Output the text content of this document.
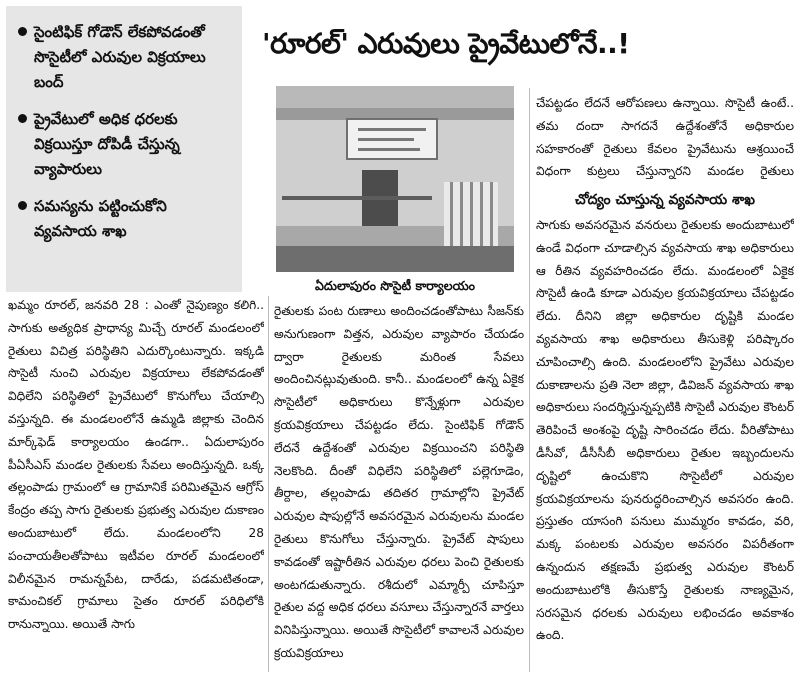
సైంటిఫిక్ గోడౌన్ లేకపోవడంతో సొసైటీలో ఎరువుల విక్రయాలు బంద్

ప్రైవేటులో అధిక ధరలకు విక్రయిస్తూ దోపిడీ చేస్తున్న వ్యాపారులు

సమస్యను పట్టించుకోని వ్యవసాయ శాఖ

'రూరల్' ఎరువులు ప్రైవేటులోనే..!

ఏదులాపురం సొసైటీ కార్యాలయం

ఖమ్మం రూరల్, జనవరి 28 : ఎంతో నైపుణ్యం కలిగి.. సాగుకు అత్యధిక ప్రాధాన్య మిచ్చే రూరల్ మండలంలో రైతులు విచిత్ర పరిస్థితిని ఎదుర్కొంటున్నారు. ఇక్కడి సొసైటీ నుంచి ఎరువుల విక్రయాలు లేకపోవడంతో విధిలేని పరిస్థితిలో ప్రైవేటులో కొనుగోలు చేయాల్సి వస్తున్నది. ఈ మండలంలోనే ఉమ్మడి జిల్లాకు చెందిన మార్క్‌ఫెడ్ కార్యాలయం ఉండగా.. ఏదులాపురం పీఏసీఎస్ మండల రైతులకు సేవలు అందిస్తున్నది. ఒక్క తల్లంపాడు గ్రామంలో ఆ గ్రామానికే పరిమితమైన ఆగ్రోస్ కేంద్రం తప్ప సాగు రైతులకు ప్రభుత్వ ఎరువుల దుకాణం అందుబాటులో లేదు. మండలంలోని 28 పంచాయతీలతోపాటు ఇటీవల రూరల్ మండలంలో విలీనమైన రామన్నపేట, దారేడు, పడమటితండా, కామంచికల్ గ్రామాలు సైతం రూరల్ పరిధిలోకి రానున్నాయి. అయితే సాగు

రైతులకు పంట రుణాలు అందించడంతోపాటు సీజన్‌కు అనుగుణంగా విత్తన, ఎరువుల వ్యాపారం చేయడం ద్వారా రైతులకు మరింత సేవలు అందించినట్లువుతుంది. కానీ.. మండలంలో ఉన్న ఏకైక సొసైటీలో అధికారులు కొన్నేళ్లుగా ఎరువుల క్రయవిక్రయాలు చేపట్టడం లేదు. సైంటిఫిక్ గోడౌన్ లేదనే ఉద్దేశంతో ఎరువుల విక్రయించని పరిస్థితి నెలకొంది. దీంతో విధిలేని పరిస్థితిలో పల్లెగూడెం, తీర్దాల, తల్లంపాడు తదితర గ్రామాల్లోని ప్రైవేట్ ఎరువుల షాపుల్లోనే అవసరమైన ఎరువులను మండల రైతులు కొనుగోలు చేస్తున్నారు. ప్రైవేట్ షాపులు కావడంతో ఇష్టారీతిన ఎరువుల ధరలు పెంచి రైతులకు అంటగడుతున్నారు. రశీదులో ఎమ్మార్పీ చూపిస్తూ రైతుల వద్ద అధిక ధరలు వసూలు చేస్తున్నారనే వార్తలు వినిపిస్తున్నాయి. అయితే సొసైటీలో కావాలనే ఎరువుల క్రయవిక్రయాలు

చేపట్టడం లేదనే ఆరోపణలు ఉన్నాయి. సొసైటీ ఉంటే.. తమ దందా సాగదనే ఉద్దేశంతోనే అధికారుల సహకారంతో రైతులు కేవలం ప్రైవేటును ఆశ్రయించే విధంగా కుట్రలు చేస్తున్నారని మండల రైతులు

చోద్యం చూస్తున్న వ్యవసాయ శాఖ

సాగుకు అవసరమైన వనరులు రైతులకు అందుబాటులో ఉండే విధంగా చూడాల్సిన వ్యవసాయ శాఖ అధికారులు ఆ రీతిన వ్యవహరించడం లేదు. మండలంలో ఏకైక సొసైటీ ఉండి కూడా ఎరువుల క్రయవిక్రయాలు చేపట్టడం లేదు. దీనిని జిల్లా అధికారుల దృష్టికి మండల వ్యవసాయ శాఖ అధికారులు తీసుకెళ్లి పరిష్కారం చూపించాల్సి ఉంది. మండలంలోని ప్రైవేటు ఎరువుల దుకాణాలను ప్రతి నెలా జిల్లా, డివిజన్ వ్యవసాయ శాఖ అధికారులు సందర్శిస్తున్నప్పటికి సొసైటీ ఎరువుల కౌంటర్ తెరిపించే అంశంపై దృష్టి సారించడం లేదు. వీరితోపాటు డీసీవో, డీసీసీబీ అధికారులు రైతుల ఇబ్బందులను దృష్టిలో ఉంచుకొని సొసైటీలో ఎరువుల క్రయవిక్రయాలను పునరుద్ధరించాల్సిన అవసరం ఉంది. ప్రస్తుతం యాసంగి పనులు ముమ్మరం కావడం, వరి, మక్క పంటలకు ఎరువుల అవసరం విపరీతంగా ఉన్నందున తక్షణమే ప్రభుత్వ ఎరువుల కౌంటర్ అందుబాటులోకి తీసుకొస్తే రైతులకు నాణ్యమైన, సరసమైన ధరలకు ఎరువులు లభించడం అవకాశం ఉంది.
